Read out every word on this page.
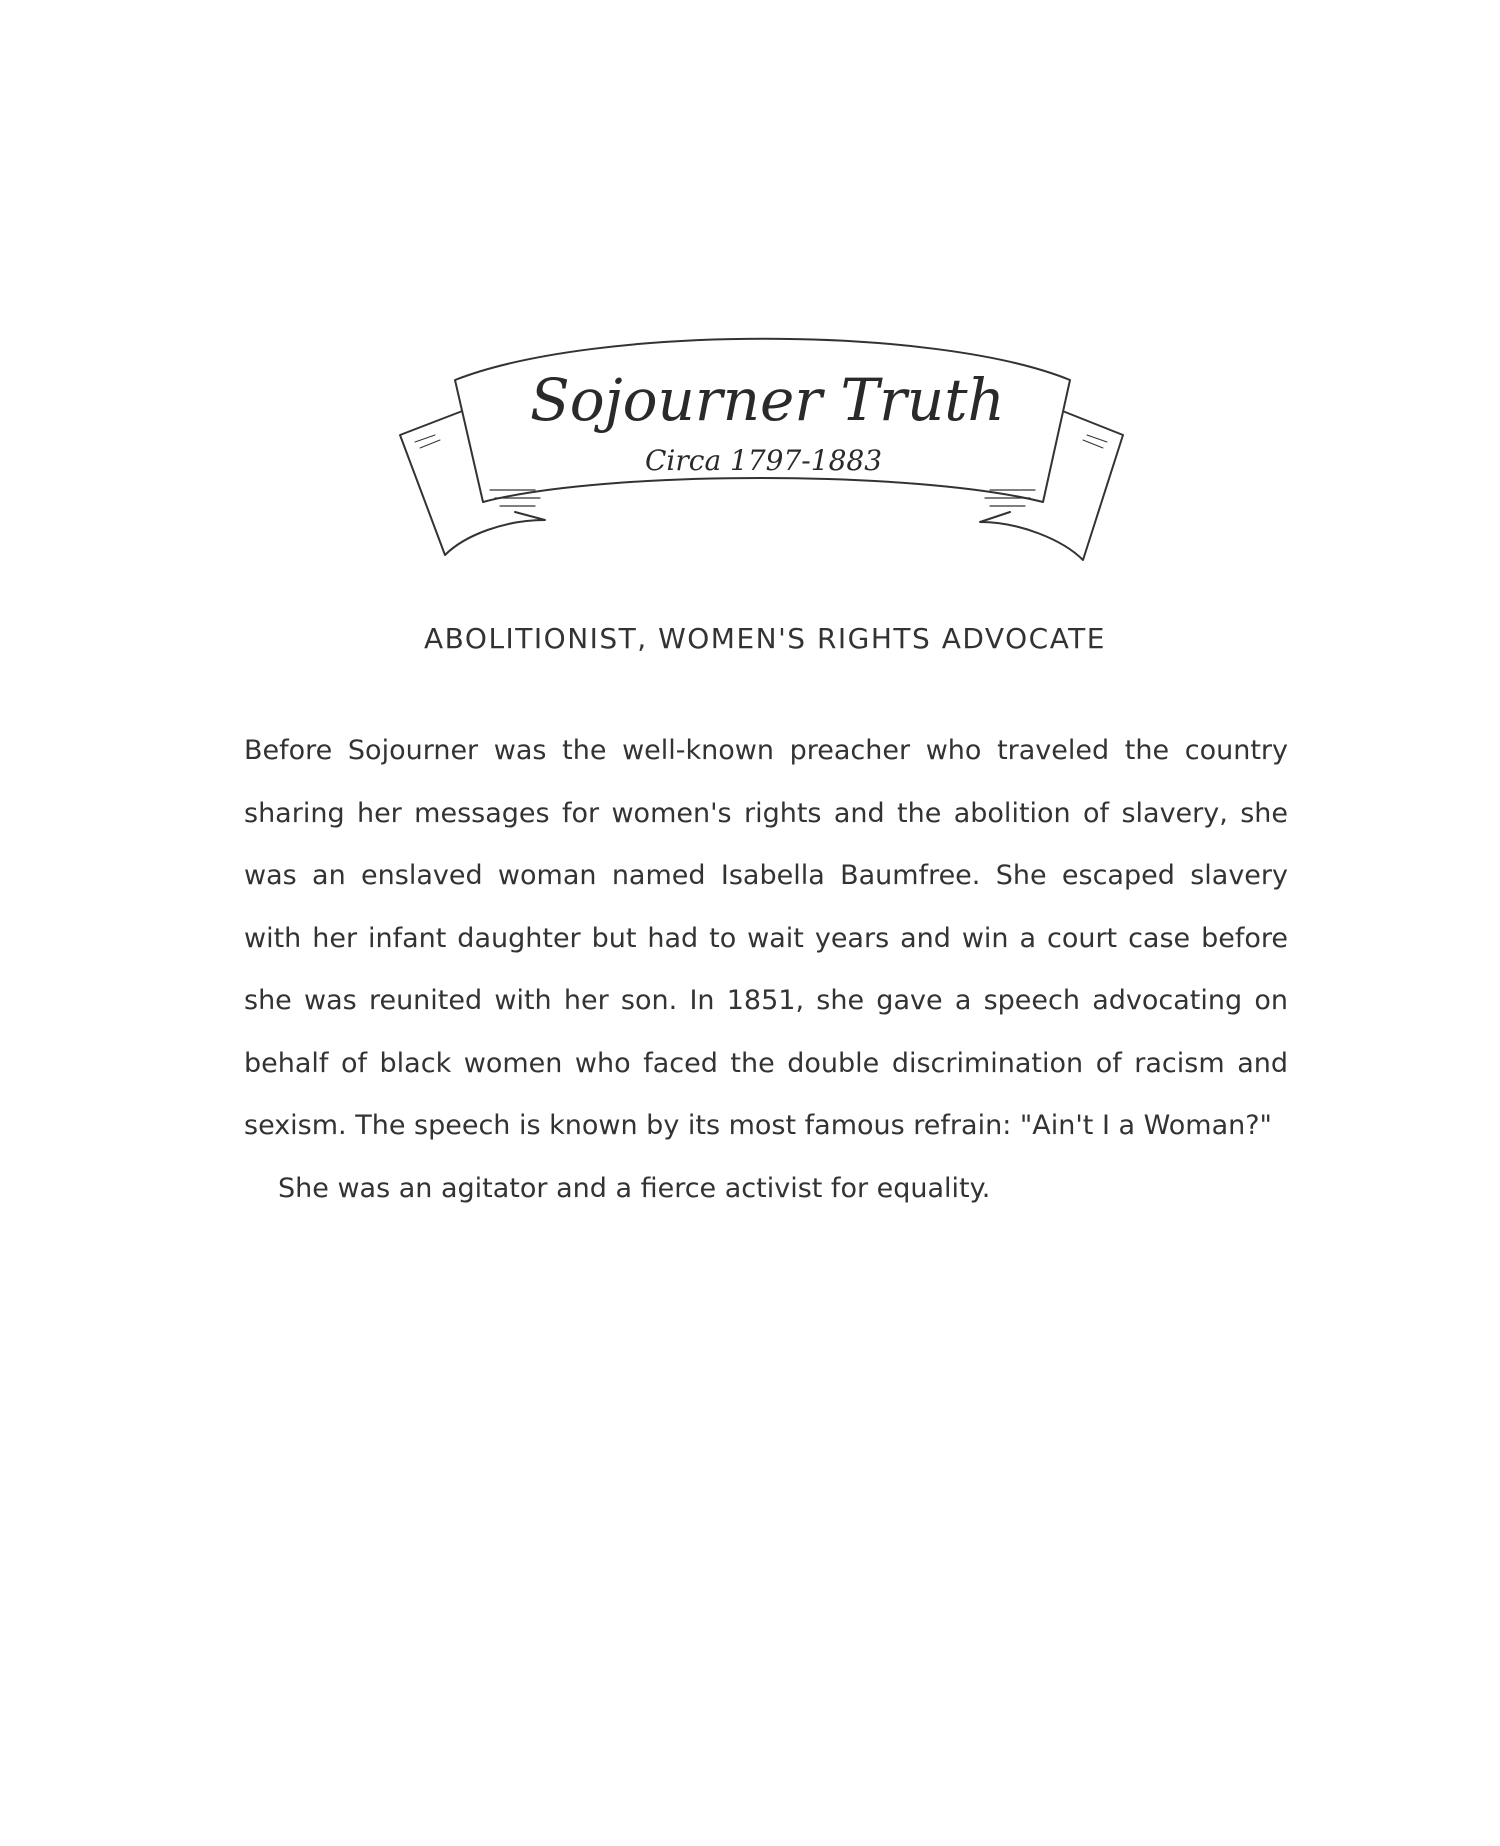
Sojourner Truth
Circa 1797-1883
ABOLITIONIST, WOMEN'S RIGHTS ADVOCATE

Before Sojourner was the well-known preacher who traveled the country sharing her messages for women's rights and the abolition of slavery, she was an enslaved woman named Isabella Baumfree. She escaped slavery with her infant daughter but had to wait years and win a court case before she was reunited with her son. In 1851, she gave a speech advocating on behalf of black women who faced the double discrimination of racism and sexism. The speech is known by its most famous refrain: "Ain't I a Woman?"

She was an agitator and a fierce activist for equality.
